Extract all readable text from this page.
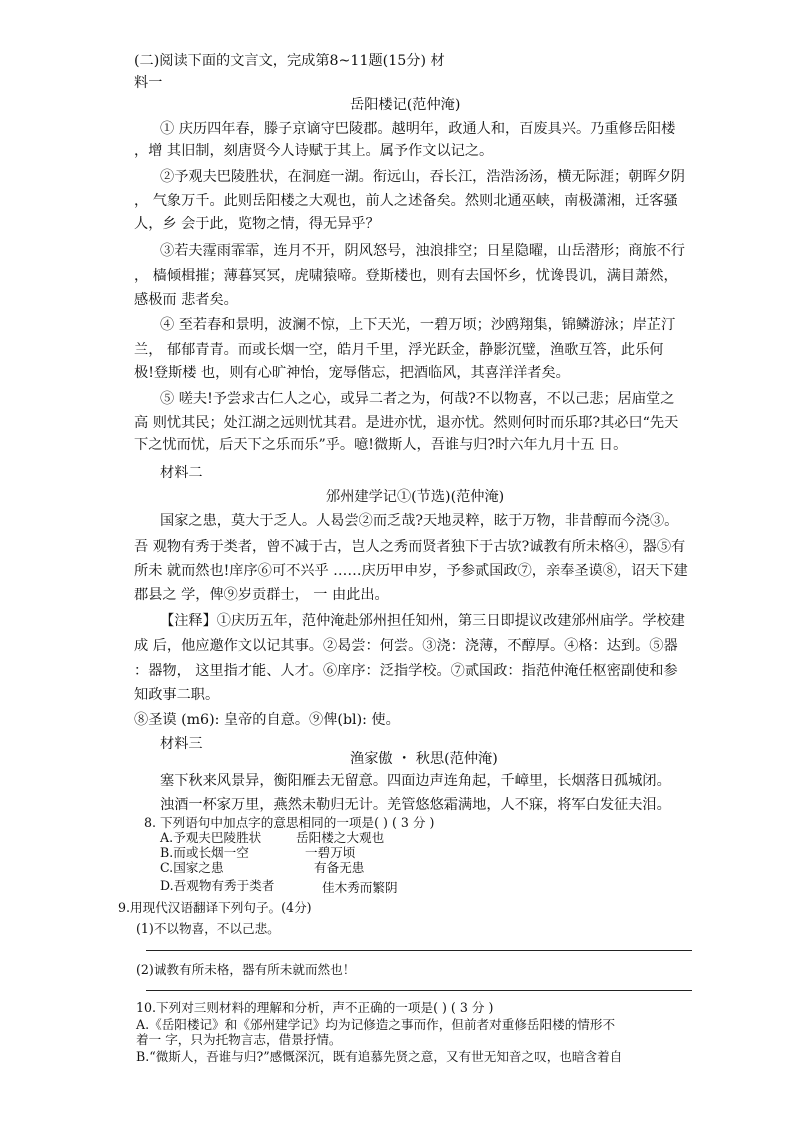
(二)阅读下面的文言文，完成第8~11题(15分) 材
料一
岳阳楼记(范仲淹)
① 庆历四年春，滕子京谪守巴陵郡。越明年，政通人和，百废具兴。乃重修岳阳楼
，增 其旧制，刻唐贤今人诗赋于其上。属予作文以记之。
②予观夫巴陵胜状，在洞庭一湖。衔远山，吞长江，浩浩汤汤，横无际涯；朝晖夕阴
， 气象万千。此则岳阳楼之大观也，前人之述备矣。然则北通巫峡，南极潇湘，迁客骚
人，乡 会于此，览物之情，得无异乎？
③若夫霪雨霏霏，连月不开，阴风怒号，浊浪排空；日星隐曜，山岳潜形；商旅不行
， 樯倾楫摧；薄暮冥冥，虎啸猿啼。登斯楼也，则有去国怀乡，忧谗畏讥，满目萧然，
感极而 悲者矣。
④ 至若春和景明，波澜不惊，上下天光，一碧万顷；沙鸥翔集，锦鳞游泳；岸芷汀
兰， 郁郁青青。而或长烟一空，皓月千里，浮光跃金，静影沉璧，渔歌互答，此乐何
极!登斯楼 也，则有心旷神怡，宠辱偕忘，把酒临风，其喜洋洋者矣。
⑤ 嗟夫!予尝求古仁人之心，或异二者之为，何哉?不以物喜，不以己悲；居庙堂之
高 则忧其民；处江湖之远则忧其君。是进亦忧，退亦忧。然则何时而乐耶?其必曰“先天
下之忧而忧，后天下之乐而乐”乎。噫!微斯人，吾谁与归?时六年九月十五 日。
材料二
邠州建学记①(节选)(范仲淹)
国家之患，莫大于乏人。人曷尝②而乏哉?天地灵粹，眩于万物，非昔醇而今浇③。
吾 观物有秀于类者，曾不减于古，岂人之秀而贤者独下于古欤?诚教有所未格④，器⑤有
所未 就而然也!庠序⑥可不兴乎 ……庆历甲申岁，予参贰国政⑦，亲奉圣谟⑧，诏天下建
郡县之 学，俾⑨岁贡群士， 一 由此出。
【注释】①庆历五年，范仲淹赴邠州担任知州，第三日即提议改建邠州庙学。学校建
成 后，他应邀作文以记其事。②曷尝：何尝。③浇：浇薄，不醇厚。④格：达到。⑤器
：器物， 这里指才能、人才。⑥庠序：泛指学校。⑦贰国政：指范仲淹任枢密副使和参
知政事二职。
⑧圣谟 (m6): 皇帝的自意。⑨俾(bl): 使。
材料三
渔家傲 ・ 秋思(范仲淹)
塞下秋来风景异，衡阳雁去无留意。四面边声连角起，千嶂里，长烟落日孤城闭。
浊酒一杯家万里，燕然未勒归无计。羌管悠悠霜满地，人不寐，将军白发征夫泪。
8. 下列语句中加点字的意思相同的一项是( ) ( 3 分 )
A.予观夫巴陵胜状	岳阳楼之大观也
B.而或长烟一空	一碧万顷
C.国家之患	有备无患
D.吾观物有秀于类者	佳木秀而繁阴
9.用现代汉语翻译下列句子。(4分)
(1)不以物喜，不以己悲。
(2)诚教有所未格，器有所未就而然也！
10.下列对三则材料的理解和分析，声不正确的一项是( ) ( 3 分 )
A.《岳阳楼记》和《邠州建学记》均为记修造之事而作，但前者对重修岳阳楼的情形不
着一 字，只为托物言志，借景抒情。
B.“微斯人，吾谁与归?”感慨深沉，既有追慕先贤之意，又有世无知音之叹，也暗含着自
